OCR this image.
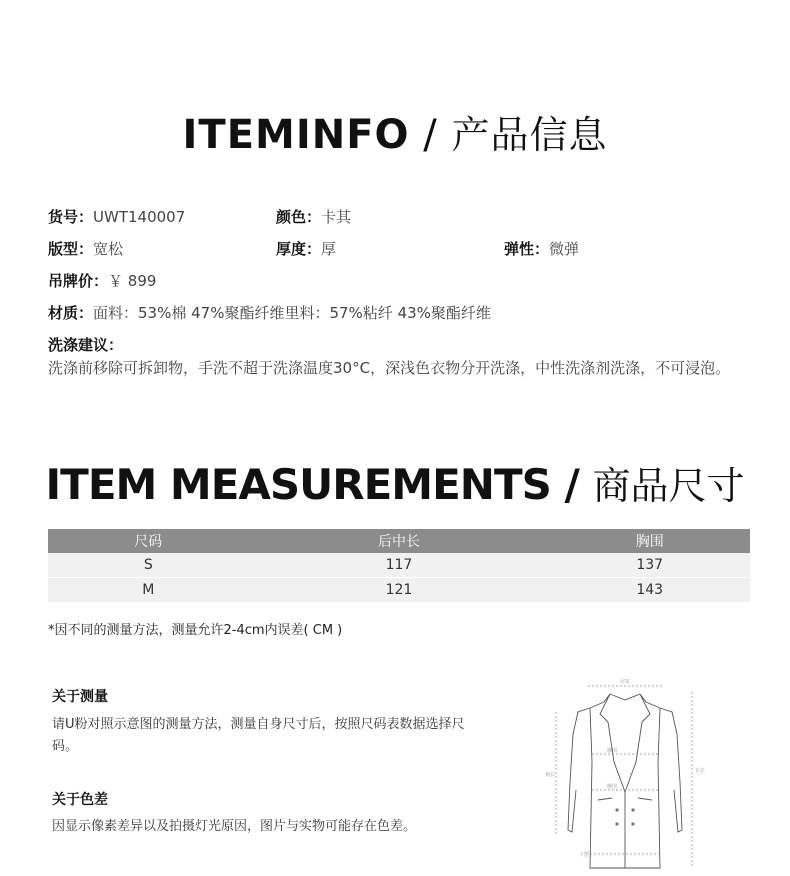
ITEMINFO / 产品信息
货号：UWT140007	颜色：卡其
版型：宽松	厚度：厚	弹性：微弹
吊牌价：￥ 899
材质：面料：53%棉 47%聚酯纤维里料：57%粘纤 43%聚酯纤维
洗涤建议：
洗涤前移除可拆卸物，手洗不超于洗涤温度30°C，深浅色衣物分开洗涤，中性洗涤剂洗涤，不可浸泡。
ITEM MEASUREMENTS / 商品尺寸
尺码	后中长	胸围
S	117	137
M	121	143
*因不同的测量方法，测量允许2-4cm内误差( CM )
关于测量
请U粉对照示意图的测量方法，测量自身尺寸后，按照尺码表数据选择尺码。
关于色差
因显示像素差异以及拍摄灯光原因，图片与实物可能存在色差。
肩宽
胸围
腰围
袖长
衣长
下摆
